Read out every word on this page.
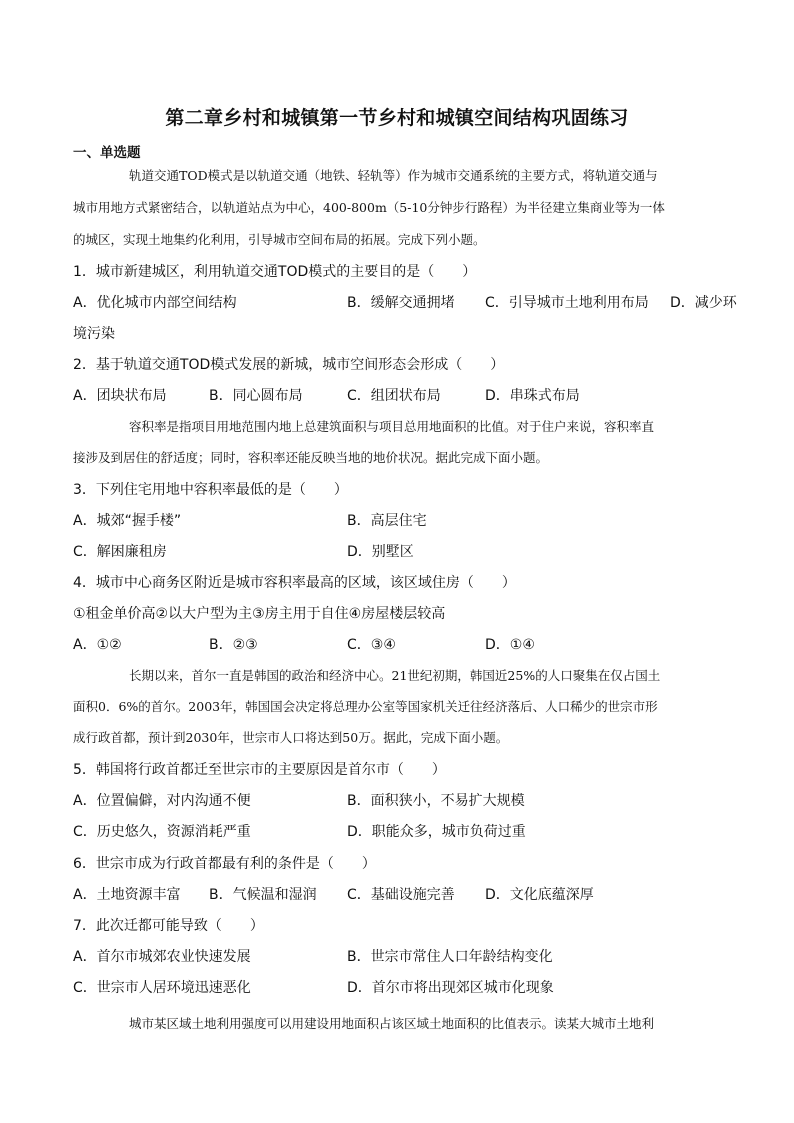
第二章乡村和城镇第一节乡村和城镇空间结构巩固练习
一、单选题
轨道交通TOD模式是以轨道交通（地铁、轻轨等）作为城市交通系统的主要方式，将轨道交通与
城市用地方式紧密结合，以轨道站点为中心，400-800m（5-10分钟步行路程）为半径建立集商业等为一体
的城区，实现土地集约化利用，引导城市空间布局的拓展。完成下列小题。
1．城市新建城区，利用轨道交通TOD模式的主要目的是（　　）
A．优化城市内部空间结构	B．缓解交通拥堵 C．引导城市土地利用布局 D．减少环
境污染
2．基于轨道交通TOD模式发展的新城，城市空间形态会形成（　　）
A．团块状布局	B．同心圆布局	C．组团状布局	D．串珠式布局
容积率是指项目用地范围内地上总建筑面积与项目总用地面积的比值。对于住户来说，容积率直
接涉及到居住的舒适度；同时，容积率还能反映当地的地价状况。据此完成下面小题。
3．下列住宅用地中容积率最低的是（　　）
A．城郊“握手楼”	B．高层住宅
C．解困廉租房	D．别墅区
4．城市中心商务区附近是城市容积率最高的区域，该区域住房（　　）
①租金单价高②以大户型为主③房主用于自住④房屋楼层较高
A．①②	B．②③	C．③④	D．①④
长期以来，首尔一直是韩国的政治和经济中心。21世纪初期，韩国近25%的人口聚集在仅占国土
面积0．6%的首尔。2003年，韩国国会决定将总理办公室等国家机关迁往经济落后、人口稀少的世宗市形
成行政首都，预计到2030年，世宗市人口将达到50万。据此，完成下面小题。
5．韩国将行政首都迁至世宗市的主要原因是首尔市（　　）
A．位置偏僻，对内沟通不便	B．面积狭小，不易扩大规模
C．历史悠久，资源消耗严重	D．职能众多，城市负荷过重
6．世宗市成为行政首都最有利的条件是（　　）
A．土地资源丰富 B．气候温和湿润 C．基础设施完善 D．文化底蕴深厚
7．此次迁都可能导致（　　）
A．首尔市城郊农业快速发展	B．世宗市常住人口年龄结构变化
C．世宗市人居环境迅速恶化	D．首尔市将出现郊区城市化现象
城市某区域土地利用强度可以用建设用地面积占该区域土地面积的比值表示。读某大城市土地利
